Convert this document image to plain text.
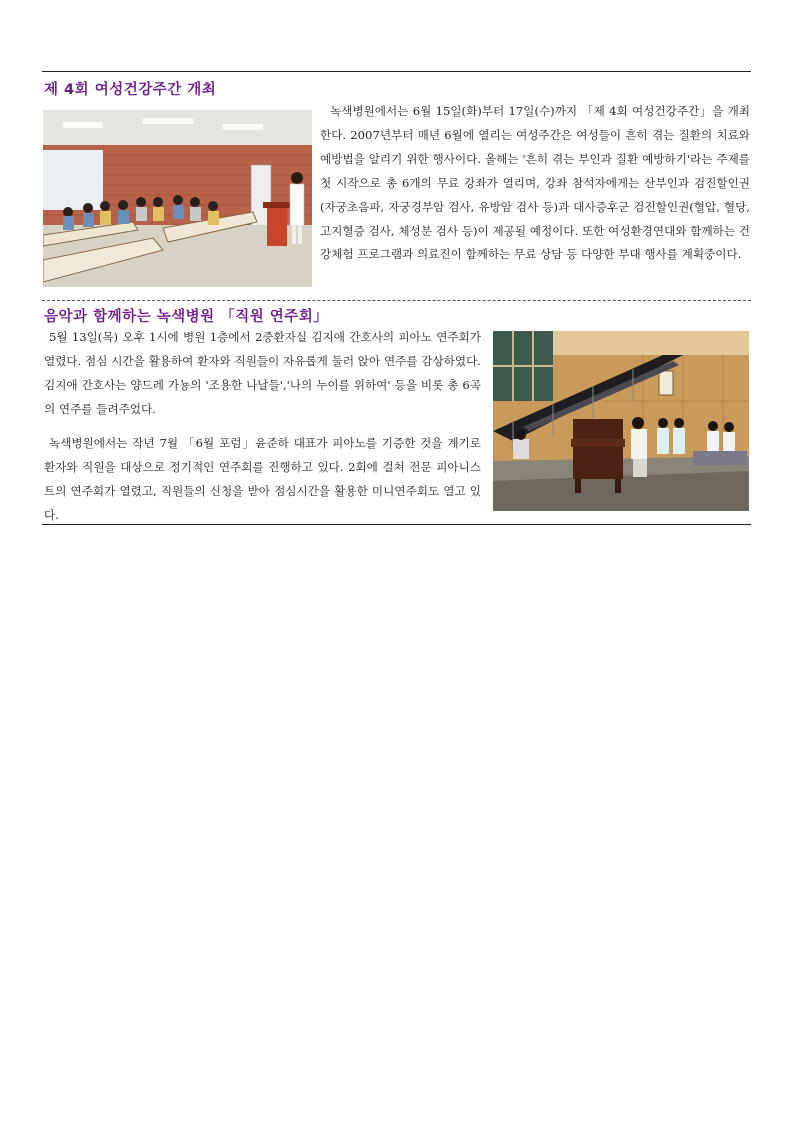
제 4회 여성건강주간 개최

녹색병원에서는 6월 15일(화)부터 17일(수)까지 「제 4회 여성건강주간」을 개최한다. 2007년부터 매년 6월에 열리는 여성주간은 여성들이 흔히 겪는 질환의 치료와 예방법을 알리기 위한 행사이다. 올해는 '흔히 겪는 부인과 질환 예방하기'라는 주제를 첫 시작으로 총 6개의 무료 강좌가 열리며, 강좌 참석자에게는 산부인과 검진할인권(자궁초음파, 자궁경부암 검사, 유방암 검사 등)과 대사증후군 검진할인권(혈압, 혈당, 고지혈증 검사, 체성분 검사 등)이 제공될 예정이다. 또한 여성환경연대와 함께하는 건강체험 프로그램과 의료진이 함께하는 무료 상담 등 다양한 부대 행사를 계획중이다.

음악과 함께하는 녹색병원 「직원 연주회」

5월 13일(목) 오후 1시에 병원 1층에서 2중환자실 김지애 간호사의 피아노 연주회가 열렸다. 점심 시간을 활용하여 환자와 직원들이 자유롭게 둘러 앉아 연주를 감상하였다. 김지애 간호사는 양드레 가뇽의 '조용한 나날들','나의 누이를 위하여' 등을 비롯 총 6곡의 연주를 들려주었다.

녹색병원에서는 작년 7월 「6월 포럼」윤준하 대표가 피아노를 기증한 것을 계기로 환자와 직원을 대상으로 정기적인 연주회를 진행하고 있다. 2회에 걸쳐 전문 피아니스트의 연주회가 열렸고, 직원들의 신청을 받아 점심시간을 활용한 미니연주회도 열고 있다.
